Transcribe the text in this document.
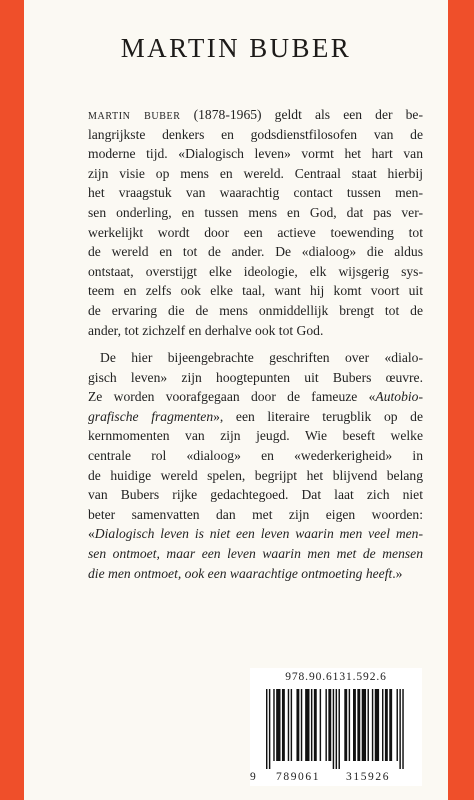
MARTIN BUBER
martin buber (1878-1965) geldt als een der be-
langrijkste denkers en godsdienstfilosofen van de
moderne tijd. «Dialogisch leven» vormt het hart van
zijn visie op mens en wereld. Centraal staat hierbij
het vraagstuk van waarachtig contact tussen men-
sen onderling, en tussen mens en God, dat pas ver-
werkelijkt wordt door een actieve toewending tot
de wereld en tot de ander. De «dialoog» die aldus
ontstaat, overstijgt elke ideologie, elk wijsgerig sys-
teem en zelfs ook elke taal, want hij komt voort uit
de ervaring die de mens onmiddellijk brengt tot de
ander, tot zichzelf en derhalve ook tot God.
De hier bijeengebrachte geschriften over «dialo-
gisch leven» zijn hoogtepunten uit Bubers œuvre.
Ze worden voorafgegaan door de fameuze «Autobio-
grafische fragmenten», een literaire terugblik op de
kernmomenten van zijn jeugd. Wie beseft welke
centrale rol «dialoog» en «wederkerigheid» in
de huidige wereld spelen, begrijpt het blijvend belang
van Bubers rijke gedachtegoed. Dat laat zich niet
beter samenvatten dan met zijn eigen woorden:
«Dialogisch leven is niet een leven waarin men veel men-
sen ontmoet, maar een leven waarin men met de mensen
die men ontmoet, ook een waarachtige ontmoeting heeft.»
978.90.6131.592.6
9 789061 315926
